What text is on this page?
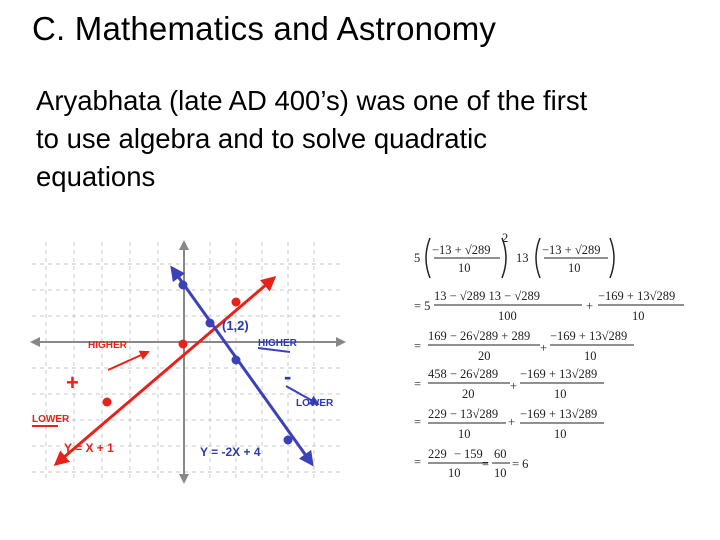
C. Mathematics and Astronomy

Aryabhata (late AD 400’s) was one of the first

to use algebra and to solve quadratic

equations

HIGHER	HIGHER
LOWER
LOWER
+	-
(1,2)
Y = X + 1	Y = -2X + 4
5
−13 + √289
10
2
13
−13 + √289
10
= 5
13 − √289 13 − √289
100
+
−169 + 13√289
10
=
169 − 26√289 + 289
20
+
−169 + 13√289
10
=
458 − 26√289
20
+
−169 + 13√289
10
=
229 − 13√289
10
+
−169 + 13√289
10
=
229 − 159
10
=
60
10
= 6
